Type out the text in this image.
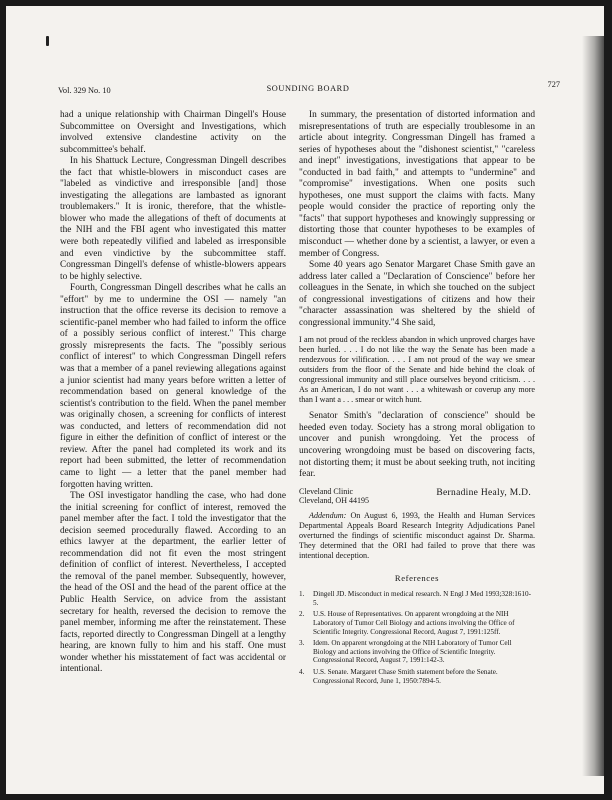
Vol. 329 No. 10	SOUNDING BOARD	727

had a unique relationship with Chairman Dingell's House Subcommittee on Oversight and Investigations, which involved extensive clandestine activity on the subcommittee's behalf.

In his Shattuck Lecture, Congressman Dingell describes the fact that whistle-blowers in misconduct cases are "labeled as vindictive and irresponsible [and] those investigating the allegations are lambasted as ignorant troublemakers." It is ironic, therefore, that the whistle-blower who made the allegations of theft of documents at the NIH and the FBI agent who investigated this matter were both repeatedly vilified and labeled as irresponsible and even vindictive by the subcommittee staff. Congressman Dingell's defense of whistle-blowers appears to be highly selective.

Fourth, Congressman Dingell describes what he calls an "effort" by me to undermine the OSI — namely "an instruction that the office reverse its decision to remove a scientific-panel member who had failed to inform the office of a possibly serious conflict of interest." This charge grossly misrepresents the facts. The "possibly serious conflict of interest" to which Congressman Dingell refers was that a member of a panel reviewing allegations against a junior scientist had many years before written a letter of recommendation based on general knowledge of the scientist's contribution to the field. When the panel member was originally chosen, a screening for conflicts of interest was conducted, and letters of recommendation did not figure in either the definition of conflict of interest or the review. After the panel had completed its work and its report had been submitted, the letter of recommendation came to light — a letter that the panel member had forgotten having written.

The OSI investigator handling the case, who had done the initial screening for conflict of interest, removed the panel member after the fact. I told the investigator that the decision seemed procedurally flawed. According to an ethics lawyer at the department, the earlier letter of recommendation did not fit even the most stringent definition of conflict of interest. Nevertheless, I accepted the removal of the panel member. Subsequently, however, the head of the OSI and the head of the parent office at the Public Health Service, on advice from the assistant secretary for health, reversed the decision to remove the panel member, informing me after the reinstatement. These facts, reported directly to Congressman Dingell at a lengthy hearing, are known fully to him and his staff. One must wonder whether his misstatement of fact was accidental or intentional.

In summary, the presentation of distorted information and misrepresentations of truth are especially troublesome in an article about integrity. Congressman Dingell has framed a series of hypotheses about the "dishonest scientist," "careless and inept" investigations, investigations that appear to be "conducted in bad faith," and attempts to "undermine" and "compromise" investigations. When one posits such hypotheses, one must support the claims with facts. Many people would consider the practice of reporting only the "facts" that support hypotheses and knowingly suppressing or distorting those that counter hypotheses to be examples of misconduct — whether done by a scientist, a lawyer, or even a member of Congress.

Some 40 years ago Senator Margaret Chase Smith gave an address later called a "Declaration of Conscience" before her colleagues in the Senate, in which she touched on the subject of congressional investigations of citizens and how their "character assassination was sheltered by the shield of congressional immunity."4 She said,

I am not proud of the reckless abandon in which unproved charges have been hurled. . . . I do not like the way the Senate has been made a rendezvous for vilification. . . . I am not proud of the way we smear outsiders from the floor of the Senate and hide behind the cloak of congressional immunity and still place ourselves beyond criticism. . . . As an American, I do not want . . . a whitewash or coverup any more than I want a . . . smear or witch hunt.

Senator Smith's "declaration of conscience" should be heeded even today. Society has a strong moral obligation to uncover and punish wrongdoing. Yet the process of uncovering wrongdoing must be based on discovering facts, not distorting them; it must be about seeking truth, not inciting fear.

Cleveland Clinic
Cleveland, OH 44195
Bernadine Healy, M.D.
Addendum: On August 6, 1993, the Health and Human Services Departmental Appeals Board Research Integrity Adjudications Panel overturned the findings of scientific misconduct against Dr. Sharma. They determined that the ORI had failed to prove that there was intentional deception.
References
1. Dingell JD. Misconduct in medical research. N Engl J Med 1993;328:1610-5.
2. U.S. House of Representatives. On apparent wrongdoing at the NIH Laboratory of Tumor Cell Biology and actions involving the Office of Scientific Integrity. Congressional Record, August 7, 1991:125ff.
3. Idem. On apparent wrongdoing at the NIH Laboratory of Tumor Cell Biology and actions involving the Office of Scientific Integrity. Congressional Record, August 7, 1991:142-3.
4. U.S. Senate. Margaret Chase Smith statement before the Senate. Congressional Record, June 1, 1950:7894-5.
